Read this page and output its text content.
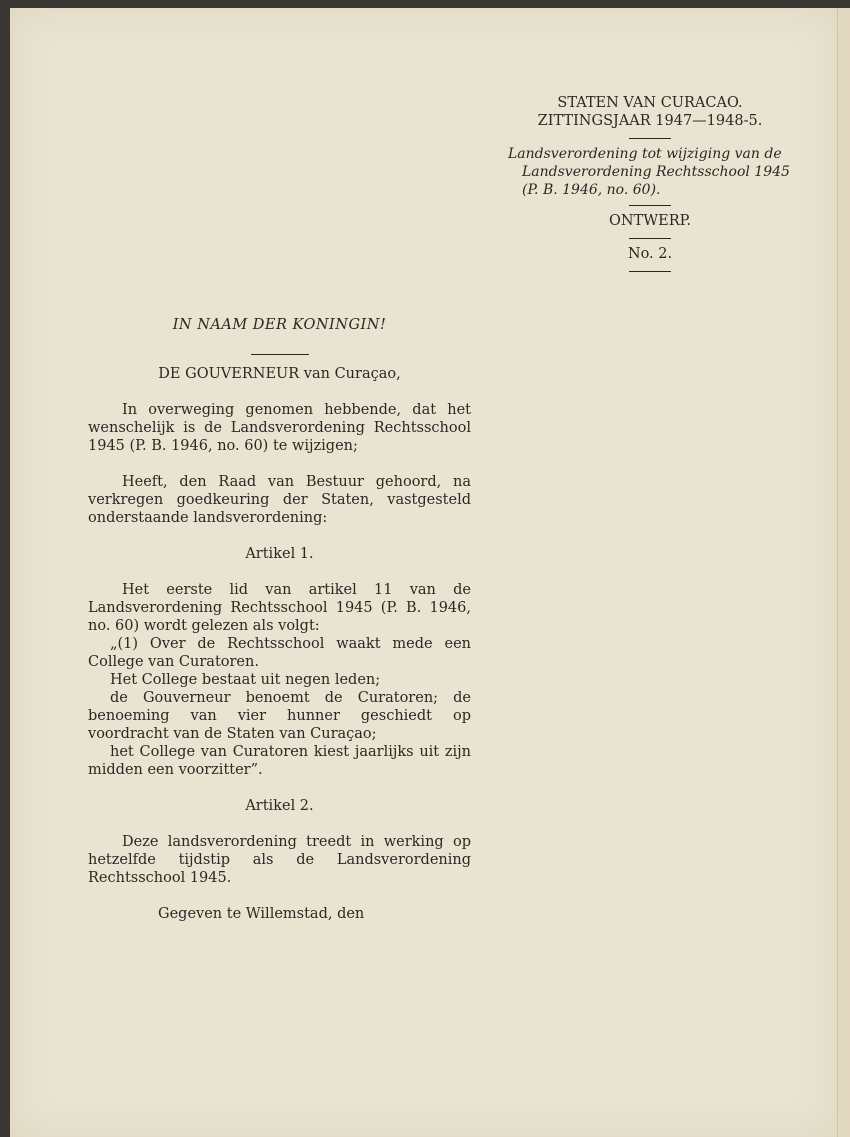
STATEN VAN CURACAO.

ZITTINGSJAAR 1947—1948-5.

Landsverordening tot wijziging van de
Landsverordening Rechtsschool 1945
(P. B. 1946, no. 60).

ONTWERP.

No. 2.

IN NAAM DER KONINGIN!

DE GOUVERNEUR van Curaçao,

In overweging genomen hebbende, dat het wenschelijk is de Landsverordening Rechtsschool 1945 (P. B. 1946, no. 60) te wijzigen;

Heeft, den Raad van Bestuur gehoord, na verkregen goedkeuring der Staten, vastgesteld onderstaande landsverordening:

Artikel 1.

Het eerste lid van artikel 11 van de Landsverordening Rechtsschool 1945 (P. B. 1946, no. 60) wordt gelezen als volgt:

„(1) Over de Rechtsschool waakt mede een College van Curatoren.

Het College bestaat uit negen leden;

de Gouverneur benoemt de Curatoren; de benoeming van vier hunner geschiedt op voordracht van de Staten van Curaçao;

het College van Curatoren kiest jaarlijks uit zijn midden een voorzitter”.

Artikel 2.

Deze landsverordening treedt in werking op hetzelfde tijdstip als de Landsverordening Rechtsschool 1945.

Gegeven te Willemstad, den
